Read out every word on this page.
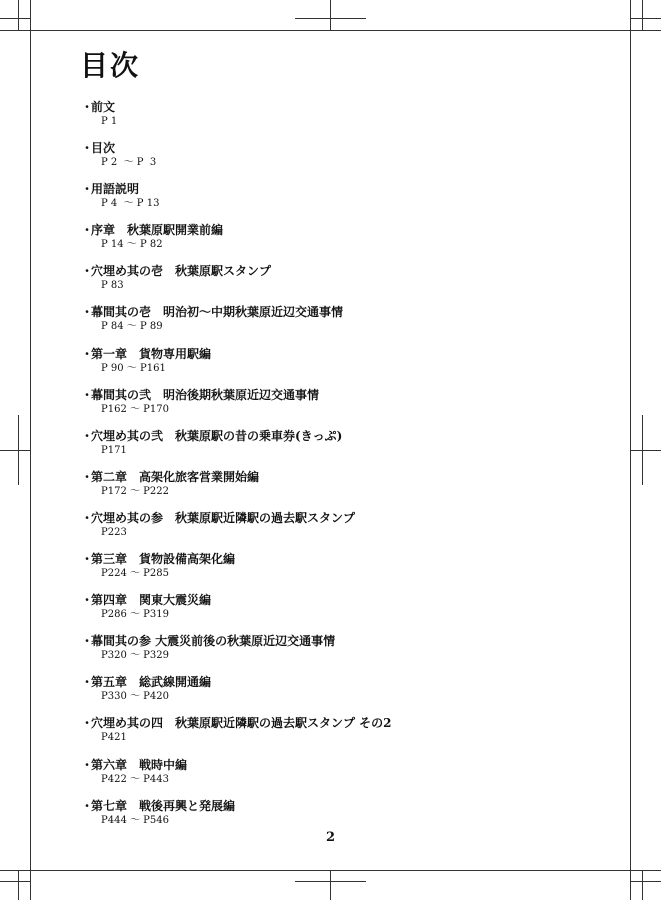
目次
・前文
P 1
・目次
P 2  ～ P  3
・用語説明
P 4  ～ P 13
・序章　秋葉原駅開業前編
P 14 ～ P 82
・穴埋め其の壱　秋葉原駅スタンプ
P 83
・幕間其の壱　明治初～中期秋葉原近辺交通事情
P 84 ～ P 89
・第一章　貨物専用駅編
P 90 ～ P161
・幕間其の弐　明治後期秋葉原近辺交通事情
P162 ～ P170
・穴埋め其の弐　秋葉原駅の昔の乗車券(きっぷ)
P171
・第二章　高架化旅客営業開始編
P172 ～ P222
・穴埋め其の参　秋葉原駅近隣駅の過去駅スタンプ
P223
・第三章　貨物設備高架化編
P224 ～ P285
・第四章　関東大震災編
P286 ～ P319
・幕間其の参 大震災前後の秋葉原近辺交通事情
P320 ～ P329
・第五章　総武線開通編
P330 ～ P420
・穴埋め其の四　秋葉原駅近隣駅の過去駅スタンプ その2
P421
・第六章　戦時中編
P422 ～ P443
・第七章　戦後再興と発展編
P444 ～ P546
2
